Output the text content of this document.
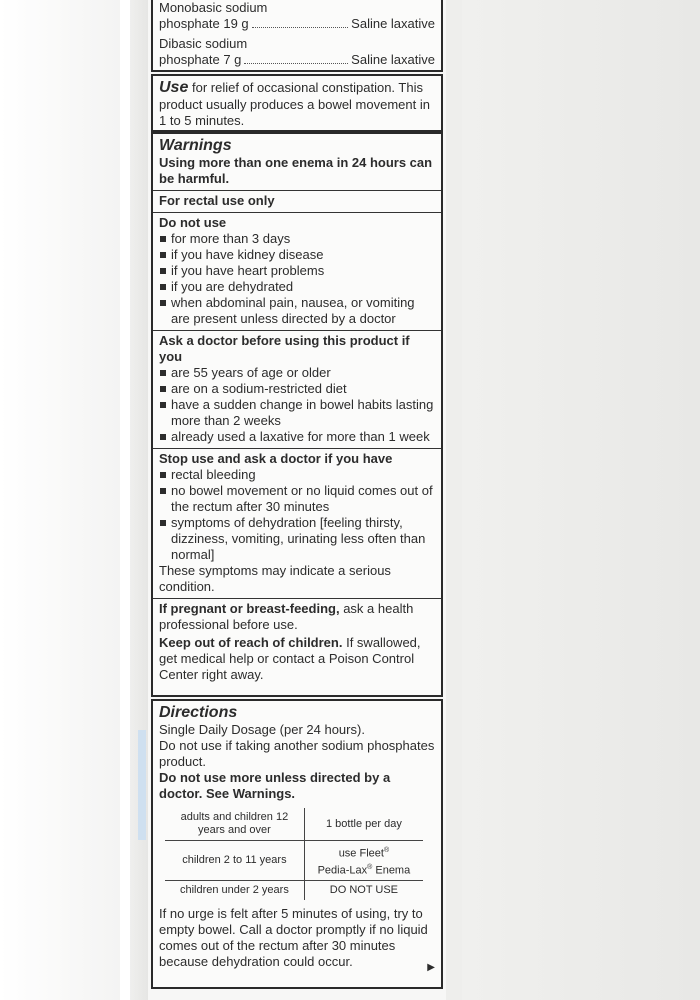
Monobasic sodium
phosphate 19 g	Saline laxative
Dibasic sodium
phosphate 7 g	Saline laxative
Use for relief of occasional constipation. This product usually produces a bowel movement in 1 to 5 minutes.
Warnings
Using more than one enema in 24 hours can be harmful.
For rectal use only
Do not use
for more than 3 days
if you have kidney disease
if you have heart problems
if you are dehydrated
when abdominal pain, nausea, or vomiting are present unless directed by a doctor
Ask a doctor before using this product if you
are 55 years of age or older
are on a sodium-restricted diet
have a sudden change in bowel habits lasting more than 2 weeks
already used a laxative for more than 1 week
Stop use and ask a doctor if you have
rectal bleeding
no bowel movement or no liquid comes out of the rectum after 30 minutes
symptoms of dehydration [feeling thirsty, dizziness, vomiting, urinating less often than normal]
These symptoms may indicate a serious condition.
If pregnant or breast-feeding, ask a health professional before use.
Keep out of reach of children. If swallowed, get medical help or contact a Poison Control Center right away.
Directions
Single Daily Dosage (per 24 hours).
Do not use if taking another sodium phosphates product.
Do not use more unless directed by a doctor. See Warnings.
adults and children 12 years and over	1 bottle per day
children 2 to 11 years	use Fleet®
Pedia-Lax® Enema
children under 2 years	DO NOT USE
If no urge is felt after 5 minutes of using, try to empty bowel. Call a doctor promptly if no liquid comes out of the rectum after 30 minutes because dehydration could occur.	▶
